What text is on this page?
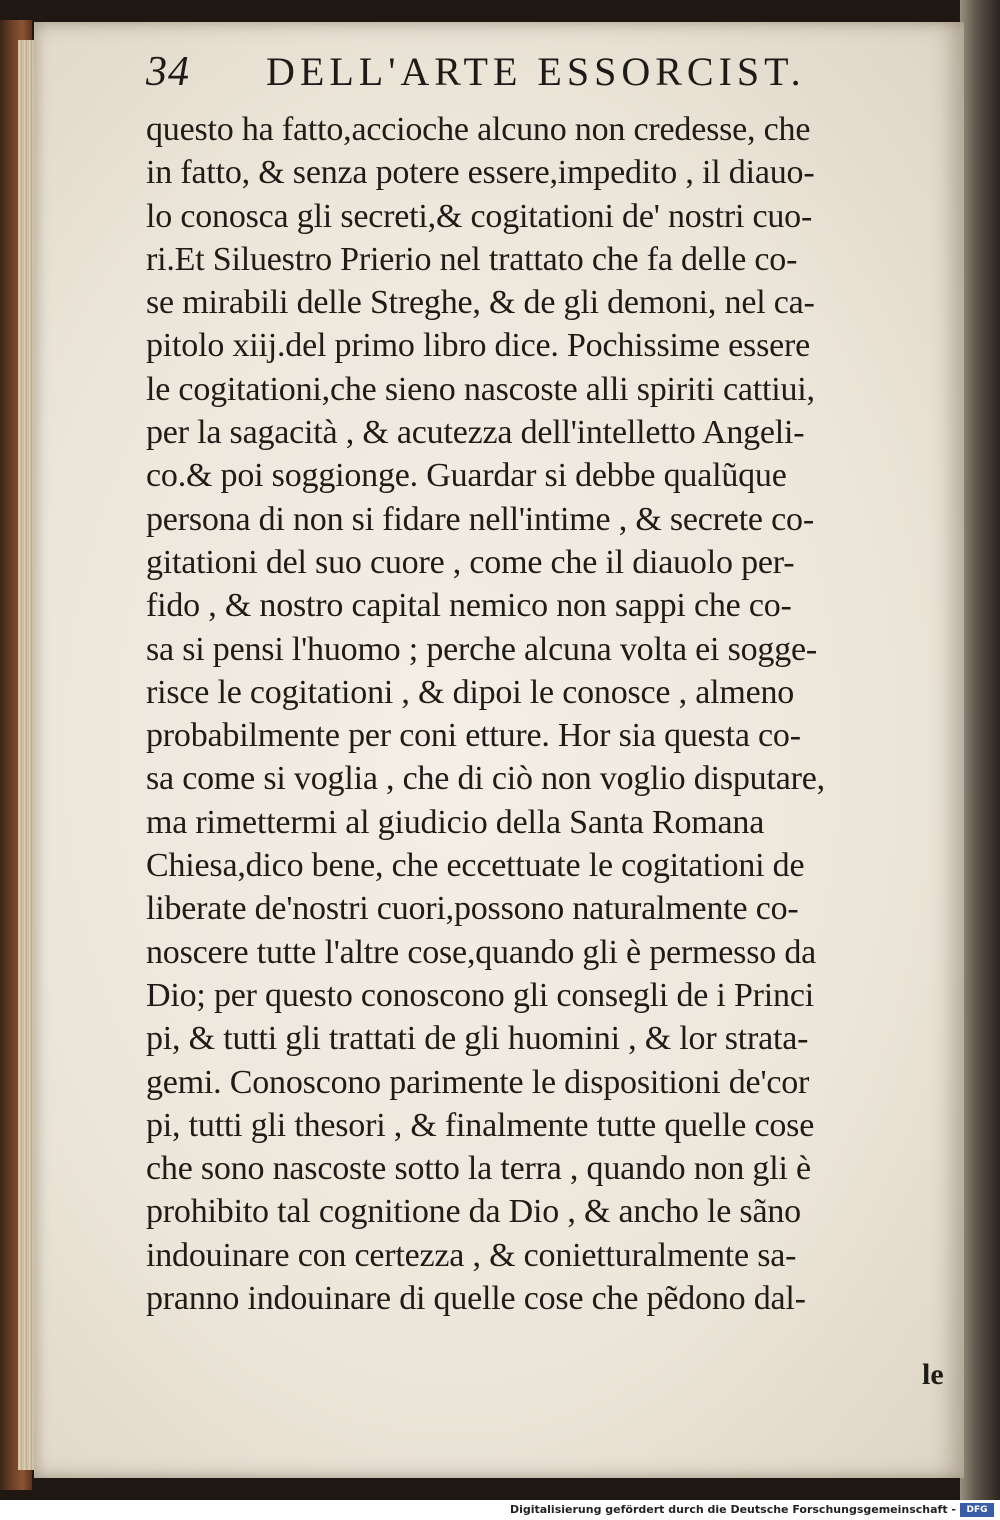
34 DELL'ARTE ESSORCIST.
questo ha fatto,accioche alcuno non credesse, che
in fatto, & senza potere essere,impedito , il diauo-
lo conosca gli secreti,& cogitationi de' nostri cuo-
ri.Et Siluestro Prierio nel trattato che fa delle co-
se mirabili delle Streghe, & de gli demoni, nel ca-
pitolo xiij.del primo libro dice. Pochissime essere
le cogitationi,che sieno nascoste alli spiriti cattiui,
per la sagacità , & acutezza dell'intelletto Angeli-
co.& poi soggionge. Guardar si debbe qualũque
persona di non si fidare nell'intime , & secrete co-
gitationi del suo cuore , come che il diauolo per-
fido , & nostro capital nemico non sappi che co-
sa si pensi l'huomo ; perche alcuna volta ei sogge-
risce le cogitationi , & dipoi le conosce , almeno
probabilmente per coni etture. Hor sia questa co-
sa come si voglia , che di ciò non voglio disputare,
ma rimettermi al giudicio della Santa Romana
Chiesa,dico bene, che eccettuate le cogitationi de
liberate de'nostri cuori,possono naturalmente co-
noscere tutte l'altre cose,quando gli è permesso da
Dio; per questo conoscono gli consegli de i Princi
pi, & tutti gli trattati de gli huomini , & lor strata-
gemi. Conoscono parimente le dispositioni de'cor
pi, tutti gli thesori , & finalmente tutte quelle cose
che sono nascoste sotto la terra , quando non gli è
prohibito tal cognitione da Dio , & ancho le sãno
indouinare con certezza , & conietturalmente sa-
pranno indouinare di quelle cose che pẽdono dal-
le
Digitalisierung gefördert durch die Deutsche Forschungsgemeinschaft -	DFG
